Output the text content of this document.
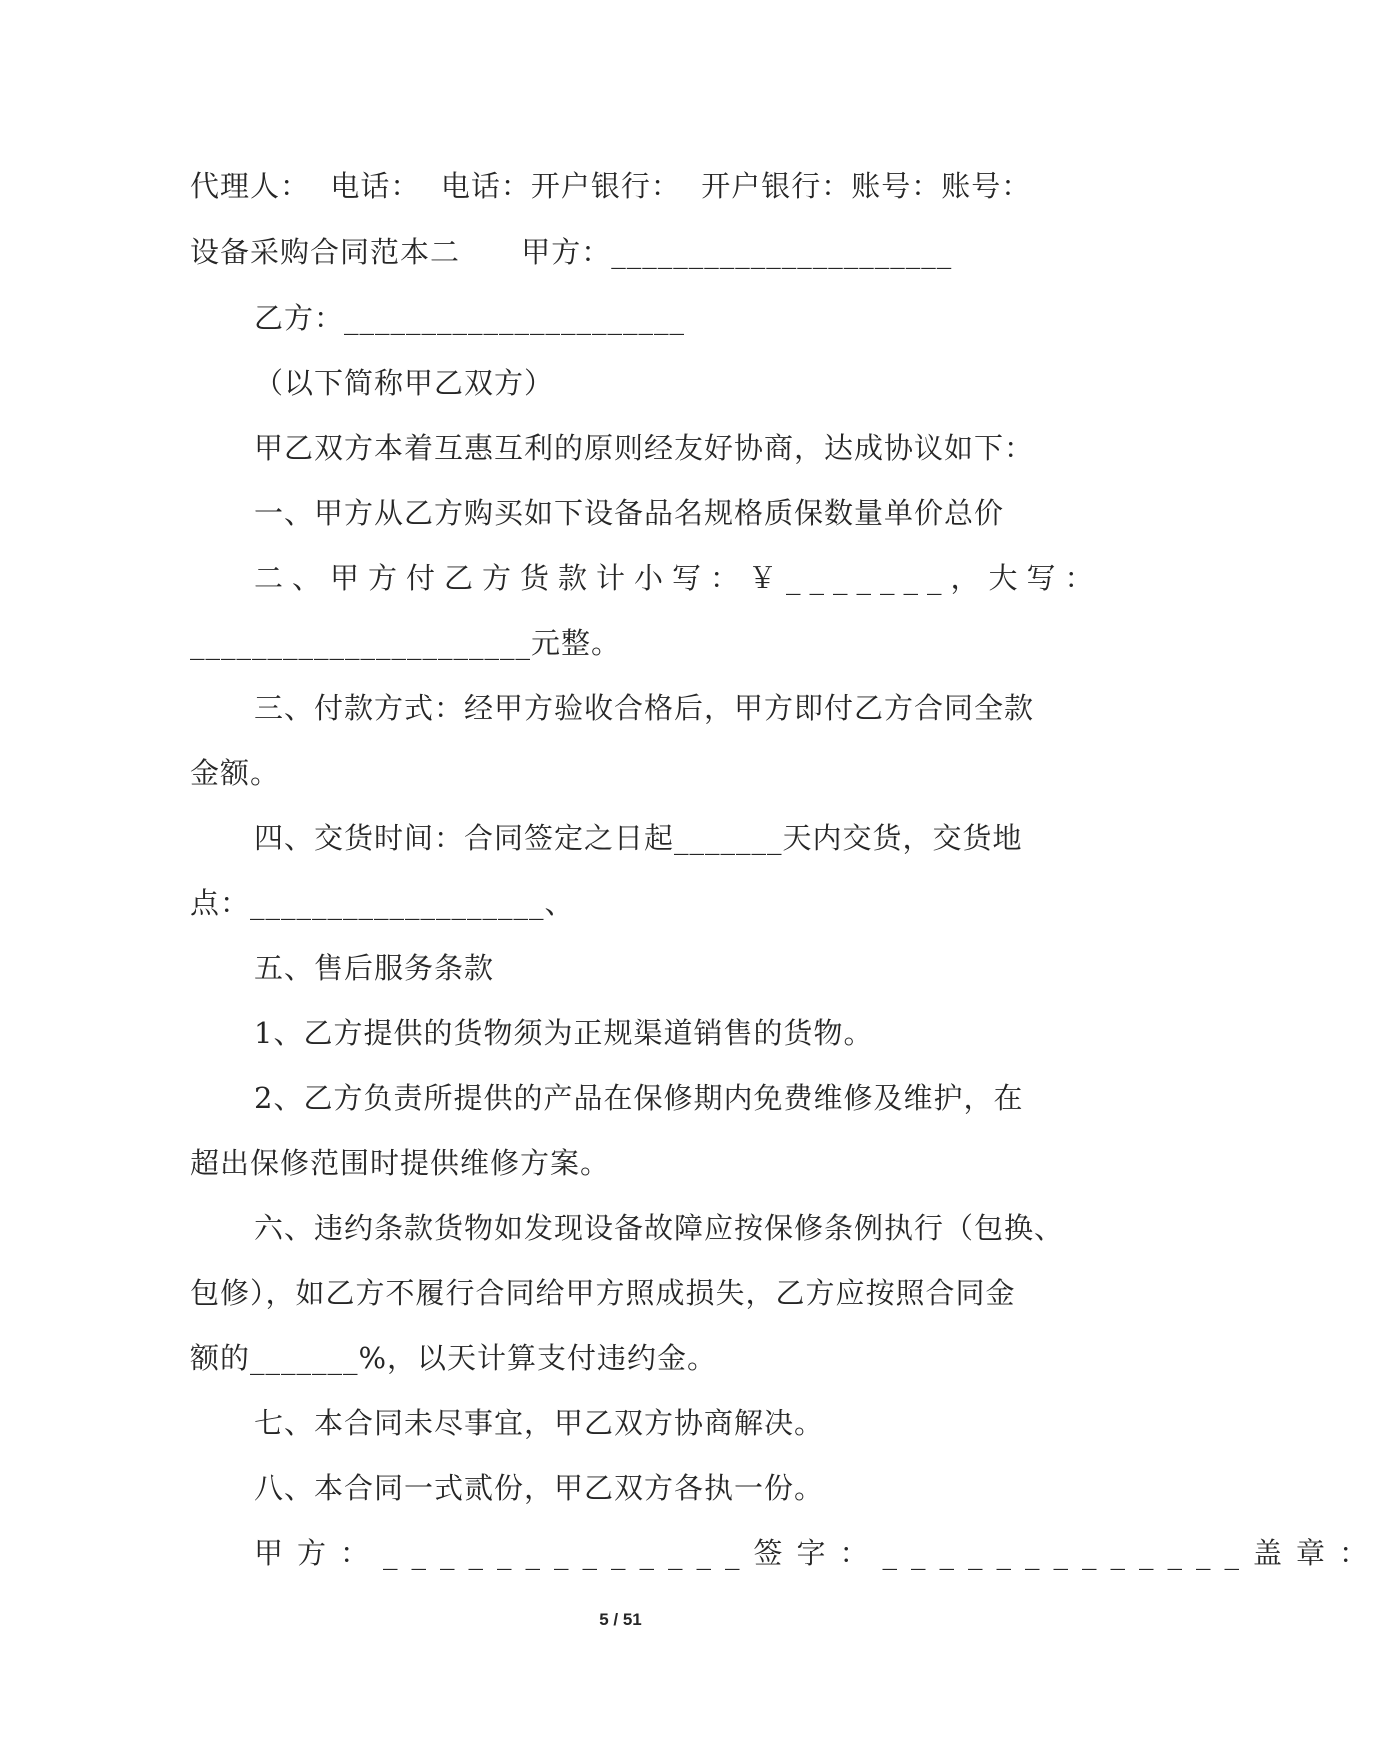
代理人：  电话：  电话：开户银行：  开户银行：账号：账号：
设备采购合同范本二      甲方：______________________
乙方：______________________
（以下简称甲乙双方）
甲乙双方本着互惠互利的原则经友好协商，达成协议如下：
一、甲方从乙方购买如下设备品名规格质保数量单价总价
二、甲方付乙方货款计小写：￥_______，大写：
______________________元整。
三、付款方式：经甲方验收合格后，甲方即付乙方合同全款
金额。
四、交货时间：合同签定之日起_______天内交货，交货地
点：___________________、
五、售后服务条款
1、乙方提供的货物须为正规渠道销售的货物。
2、乙方负责所提供的产品在保修期内免费维修及维护，在
超出保修范围时提供维修方案。
六、违约条款货物如发现设备故障应按保修条例执行（包换、
包修），如乙方不履行合同给甲方照成损失，乙方应按照合同金
额的_______%，以天计算支付违约金。
七、本合同未尽事宜，甲乙双方协商解决。
八、本合同一式贰份，甲乙双方各执一份。
甲方：_____________签字：_____________盖章：
5 / 51
